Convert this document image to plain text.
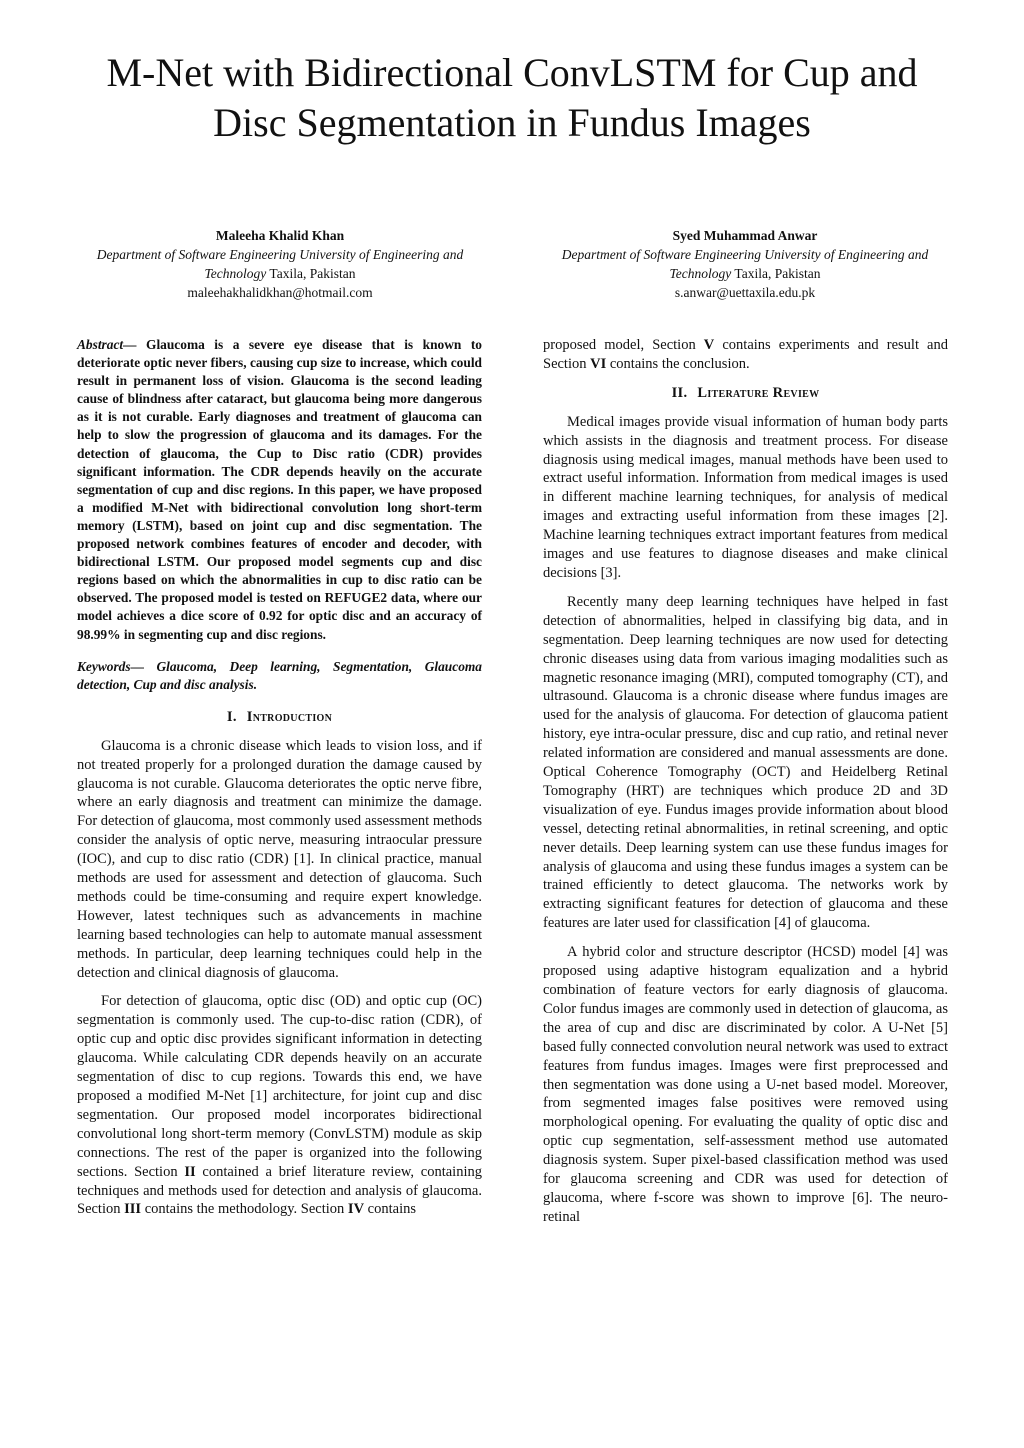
M-Net with Bidirectional ConvLSTM for Cup and
Disc Segmentation in Fundus Images
Maleeha Khalid Khan
Department of Software Engineering University of Engineering and Technology Taxila, Pakistan
maleehakhalidkhan@hotmail.com
Syed Muhammad Anwar
Department of Software Engineering University of Engineering and Technology Taxila, Pakistan
s.anwar@uettaxila.edu.pk

Abstract— Glaucoma is a severe eye disease that is known to deteriorate optic never fibers, causing cup size to increase, which could result in permanent loss of vision. Glaucoma is the second leading cause of blindness after cataract, but glaucoma being more dangerous as it is not curable. Early diagnoses and treatment of glaucoma can help to slow the progression of glaucoma and its damages. For the detection of glaucoma, the Cup to Disc ratio (CDR) provides significant information. The CDR depends heavily on the accurate segmentation of cup and disc regions. In this paper, we have proposed a modified M-Net with bidirectional convolution long short-term memory (LSTM), based on joint cup and disc segmentation. The proposed network combines features of encoder and decoder, with bidirectional LSTM. Our proposed model segments cup and disc regions based on which the abnormalities in cup to disc ratio can be observed. The proposed model is tested on REFUGE2 data, where our model achieves a dice score of 0.92 for optic disc and an accuracy of 98.99% in segmenting cup and disc regions.

Keywords— Glaucoma, Deep learning, Segmentation, Glaucoma detection, Cup and disc analysis.

I. Introduction

Glaucoma is a chronic disease which leads to vision loss, and if not treated properly for a prolonged duration the damage caused by glaucoma is not curable. Glaucoma deteriorates the optic nerve fibre, where an early diagnosis and treatment can minimize the damage. For detection of glaucoma, most commonly used assessment methods consider the analysis of optic nerve, measuring intraocular pressure (IOC), and cup to disc ratio (CDR) [1]. In clinical practice, manual methods are used for assessment and detection of glaucoma. Such methods could be time-consuming and require expert knowledge. However, latest techniques such as advancements in machine learning based technologies can help to automate manual assessment methods. In particular, deep learning techniques could help in the detection and clinical diagnosis of glaucoma.

For detection of glaucoma, optic disc (OD) and optic cup (OC) segmentation is commonly used. The cup-to-disc ration (CDR), of optic cup and optic disc provides significant information in detecting glaucoma. While calculating CDR depends heavily on an accurate segmentation of disc to cup regions. Towards this end, we have proposed a modified M-Net [1] architecture, for joint cup and disc segmentation. Our proposed model incorporates bidirectional convolutional long short-term memory (ConvLSTM) module as skip connections. The rest of the paper is organized into the following sections. Section II contained a brief literature review, containing techniques and methods used for detection and analysis of glaucoma. Section III contains the methodology. Section IV contains

proposed model, Section V contains experiments and result and Section VI contains the conclusion.

II. Literature Review

Medical images provide visual information of human body parts which assists in the diagnosis and treatment process. For disease diagnosis using medical images, manual methods have been used to extract useful information. Information from medical images is used in different machine learning techniques, for analysis of medical images and extracting useful information from these images [2]. Machine learning techniques extract important features from medical images and use features to diagnose diseases and make clinical decisions [3].

Recently many deep learning techniques have helped in fast detection of abnormalities, helped in classifying big data, and in segmentation. Deep learning techniques are now used for detecting chronic diseases using data from various imaging modalities such as magnetic resonance imaging (MRI), computed tomography (CT), and ultrasound. Glaucoma is a chronic disease where fundus images are used for the analysis of glaucoma. For detection of glaucoma patient history, eye intra-ocular pressure, disc and cup ratio, and retinal never related information are considered and manual assessments are done. Optical Coherence Tomography (OCT) and Heidelberg Retinal Tomography (HRT) are techniques which produce 2D and 3D visualization of eye. Fundus images provide information about blood vessel, detecting retinal abnormalities, in retinal screening, and optic never details. Deep learning system can use these fundus images for analysis of glaucoma and using these fundus images a system can be trained efficiently to detect glaucoma. The networks work by extracting significant features for detection of glaucoma and these features are later used for classification [4] of glaucoma.

A hybrid color and structure descriptor (HCSD) model [4] was proposed using adaptive histogram equalization and a hybrid combination of feature vectors for early diagnosis of glaucoma. Color fundus images are commonly used in detection of glaucoma, as the area of cup and disc are discriminated by color. A U-Net [5] based fully connected convolution neural network was used to extract features from fundus images. Images were first preprocessed and then segmentation was done using a U-net based model. Moreover, from segmented images false positives were removed using morphological opening. For evaluating the quality of optic disc and optic cup segmentation, self-assessment method use automated diagnosis system. Super pixel-based classification method was used for glaucoma screening and CDR was used for detection of glaucoma, where f-score was shown to improve [6]. The neuro-retinal
